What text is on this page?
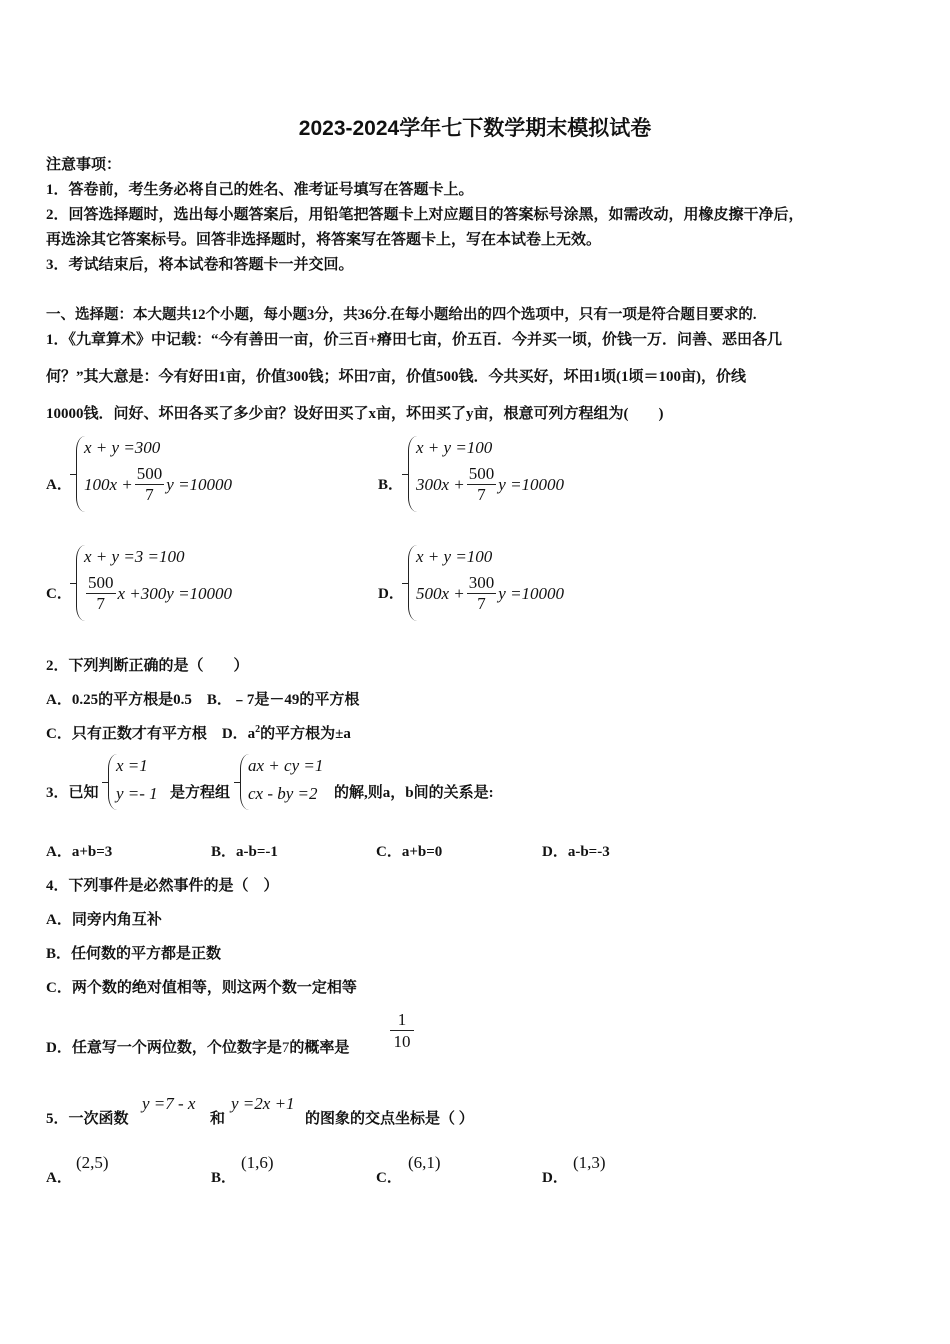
2023-2024学年七下数学期末模拟试卷
注意事项：
1．答卷前，考生务必将自己的姓名、准考证号填写在答题卡上。
2．回答选择题时，选出每小题答案后，用铅笔把答题卡上对应题目的答案标号涂黑，如需改动，用橡皮擦干净后，
再选涂其它答案标号。回答非选择题时，将答案写在答题卡上，写在本试卷上无效。
3．考试结束后，将本试卷和答题卡一并交回。
一、选择题：本大题共12个小题，每小题3分，共36分.在每小题给出的四个选项中，只有一项是符合题目要求的.
1．《九章算术》中记载：“今有善田一亩，价三百+瘠田七亩，价五百．今并买一顷，价钱一万．问善、恶田各几
何？”其大意是：今有好田1亩，价值300钱；坏田7亩，价值500钱．今共买好，坏田1顷(1顷＝100亩)，价线
10000钱．问好、坏田各买了多少亩？设好田买了x亩，坏田买了y亩，根意可列方程组为(　　)
A．
x + y =300
$100x + \frac{500}{7}$ y =10000	B．
x + y =100
$300x + \frac{500}{7}$ y =10000
C．
x + y =3 =100
$\frac{500}{7}$ x +300y =10000	D．
x + y =100
$500x + \frac{300}{7}$ y =10000
2．下列判断正确的是（　　）
A．0.25的平方根是0.5　B．﹣7是－49的平方根
C．只有正数才有平方根　D．$a^2$的平方根为±a
3．已知
x =1
y =- 1 是方程组
ax + cy =1
cx - by =2 的解,则a，b间的关系是:
A．a+b=3	B．a-b=-1	C．a+b=0	D．a-b=-3
4．下列事件是必然事件的是（　）
A．同旁内角互补
B．任何数的平方都是正数
C．两个数的绝对值相等，则这两个数一定相等
D．任意写一个两位数，个位数字是7的概率是
1
10
5．一次函数
y =7 - x
和
y =2x +1
的图象的交点坐标是（ ）
A．
(2,5)
B．
(1,6)
C．
(6,1)
D．
(1,3)
